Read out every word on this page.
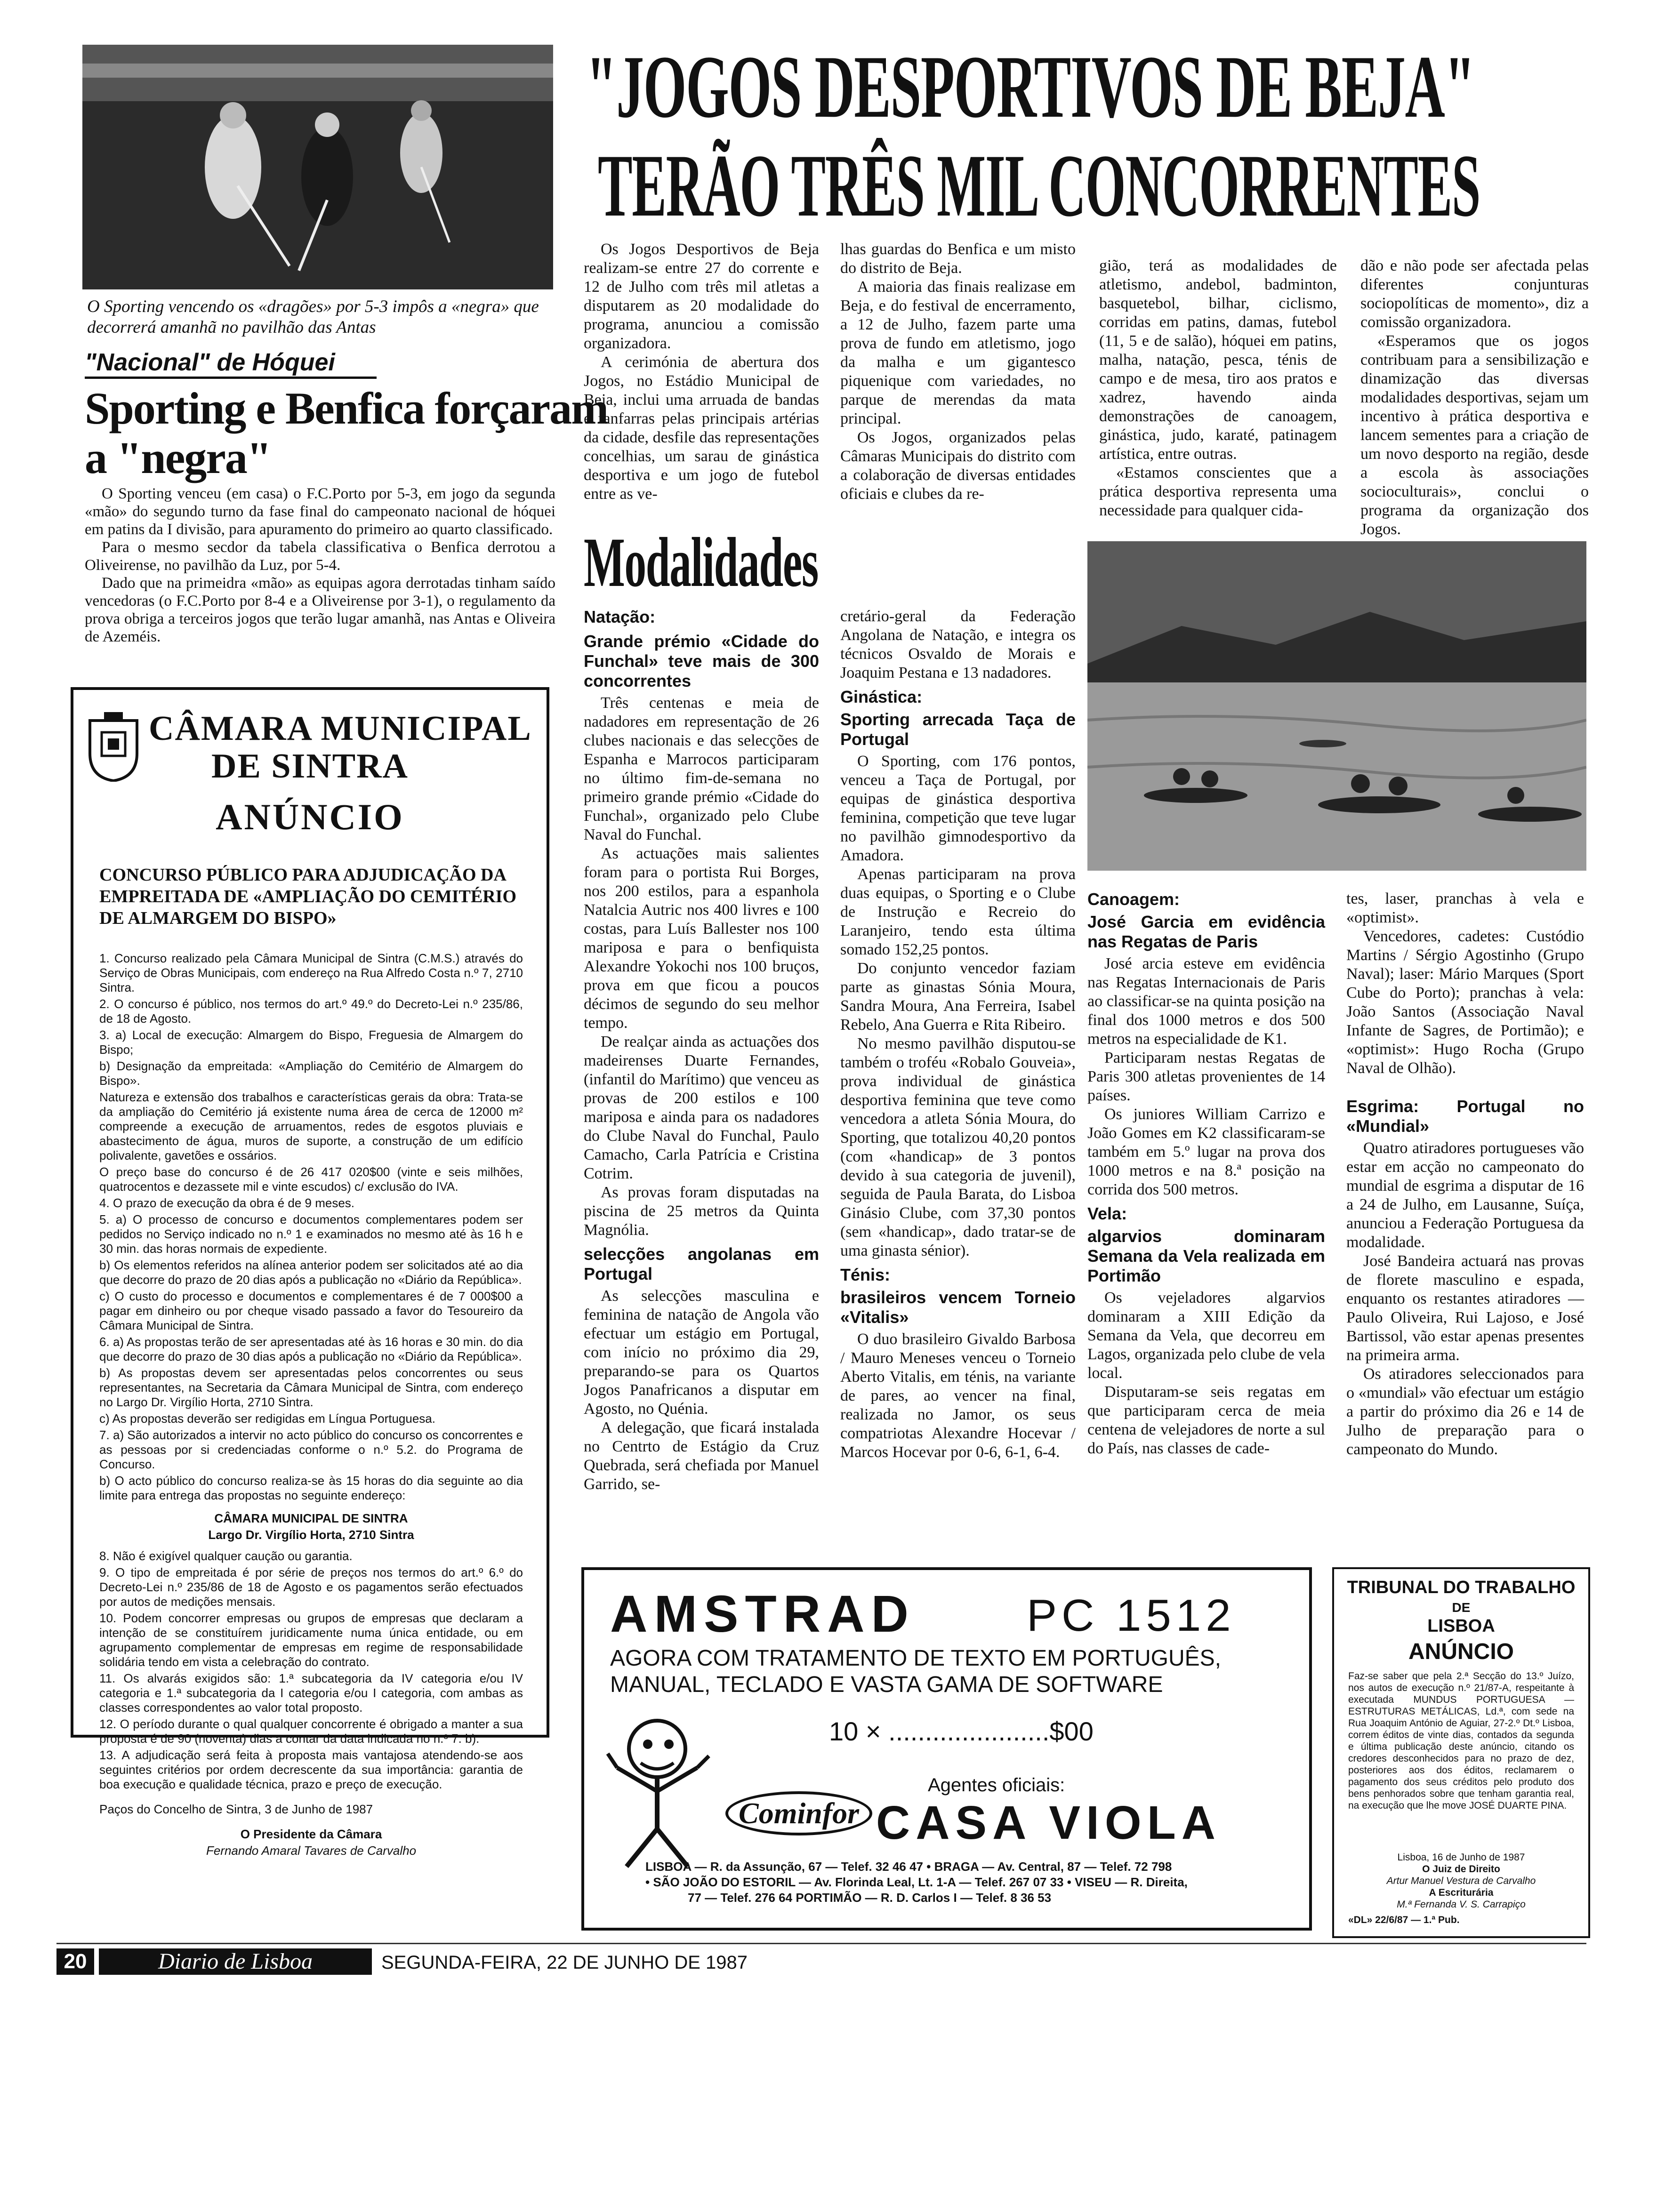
O Sporting vencendo os «dragões» por 5-3 impôs a «negra» que decorrerá amanhã no pavilhão das Antas
"Nacional" de Hóquei
Sporting e Benfica forçaram
a "negra"

O Sporting venceu (em casa) o F.C.Porto por 5-3, em jogo da segunda «mão» do segundo turno da fase final do campeonato nacional de hóquei em patins da I divisão, para apuramento do primeiro ao quarto classificado.

Para o mesmo secdor da tabela classificativa o Benfica derrotou a Oliveirense, no pavilhão da Luz, por 5-4.

Dado que na primeidra «mão» as equipas agora derrotadas tinham saído vencedoras (o F.C.Porto por 8-4 e a Oliveirense por 3-1), o regulamento da prova obriga a terceiros jogos que terão lugar amanhã, nas Antas e Oliveira de Azeméis.

"JOGOS DESPORTIVOS DE BEJA"
TERÃO TRÊS MIL CONCORRENTES

Os Jogos Desportivos de Beja realizam-se entre 27 do corrente e 12 de Julho com três mil atletas a disputarem as 20 modalidade do programa, anunciou a comissão organizadora.

A cerimónia de abertura dos Jogos, no Estádio Municipal de Beja, inclui uma arruada de bandas e fanfarras pelas principais artérias da cidade, desfile das representações concelhias, um sarau de ginástica desportiva e um jogo de futebol entre as ve-

lhas guardas do Benfica e um misto do distrito de Beja.

A maioria das finais realizase em Beja, e do festival de encerramento, a 12 de Julho, fazem parte uma prova de fundo em atletismo, jogo da malha e um gigantesco piquenique com variedades, no parque de merendas da mata principal.

Os Jogos, organizados pelas Câmaras Municipais do distrito com a colaboração de diversas entidades oficiais e clubes da re-

gião, terá as modalidades de atletismo, andebol, badminton, basquetebol, bilhar, ciclismo, corridas em patins, damas, futebol (11, 5 e de salão), hóquei em patins, malha, natação, pesca, ténis de campo e de mesa, tiro aos pratos e xadrez, havendo ainda demonstrações de canoagem, ginástica, judo, karaté, patinagem artística, entre outras.

«Estamos conscientes que a prática desportiva representa uma necessidade para qualquer cida-

dão e não pode ser afectada pelas diferentes conjunturas sociopolíticas de momento», diz a comissão organizadora.

«Esperamos que os jogos contribuam para a sensibilização e dinamização das diversas modalidades desportivas, sejam um incentivo à prática desportiva e lancem sementes para a criação de um novo desporto na região, desde a escola às associações socioculturais», conclui o programa da organização dos Jogos.

Modalidades
Natação:
Grande prémio «Cidade do Funchal» teve mais de 300 concorrentes

Três centenas e meia de nadadores em representação de 26 clubes nacionais e das selecções de Espanha e Marrocos participaram no último fim-de-semana no primeiro grande prémio «Cidade do Funchal», organizado pelo Clube Naval do Funchal.

As actuações mais salientes foram para o portista Rui Borges, nos 200 estilos, para a espanhola Natalcia Autric nos 400 livres e 100 costas, para Luís Ballester nos 100 mariposa e para o benfiquista Alexandre Yokochi nos 100 bruços, prova em que ficou a poucos décimos de segundo do seu melhor tempo.

De realçar ainda as actuações dos madeirenses Duarte Fernandes, (infantil do Marítimo) que venceu as provas de 200 estilos e 100 mariposa e ainda para os nadadores do Clube Naval do Funchal, Paulo Camacho, Carla Patrícia e Cristina Cotrim.

As provas foram disputadas na piscina de 25 metros da Quinta Magnólia.

selecções angolanas em Portugal

As selecções masculina e feminina de natação de Angola vão efectuar um estágio em Portugal, com início no próximo dia 29, preparando-se para os Quartos Jogos Panafricanos a disputar em Agosto, no Quénia.

A delegação, que ficará instalada no Centrto de Estágio da Cruz Quebrada, será chefiada por Manuel Garrido, se-

cretário-geral da Federação Angolana de Natação, e integra os técnicos Osvaldo de Morais e Joaquim Pestana e 13 nadadores.

Ginástica:
Sporting arrecada Taça de Portugal

O Sporting, com 176 pontos, venceu a Taça de Portugal, por equipas de ginástica desportiva feminina, competição que teve lugar no pavilhão gimnodesportivo da Amadora.

Apenas participaram na prova duas equipas, o Sporting e o Clube de Instrução e Recreio do Laranjeiro, tendo esta última somado 152,25 pontos.

Do conjunto vencedor faziam parte as ginastas Sónia Moura, Sandra Moura, Ana Ferreira, Isabel Rebelo, Ana Guerra e Rita Ribeiro.

No mesmo pavilhão disputou-se também o troféu «Robalo Gouveia», prova individual de ginástica desportiva feminina que teve como vencedora a atleta Sónia Moura, do Sporting, que totalizou 40,20 pontos (com «handicap» de 3 pontos devido à sua categoria de juvenil), seguida de Paula Barata, do Lisboa Ginásio Clube, com 37,30 pontos (sem «handicap», dado tratar-se de uma ginasta sénior).

Ténis:
brasileiros vencem Torneio «Vitalis»

O duo brasileiro Givaldo Barbosa / Mauro Meneses venceu o Torneio Aberto Vitalis, em ténis, na variante de pares, ao vencer na final, realizada no Jamor, os seus compatriotas Alexandre Hocevar / Marcos Hocevar por 0-6, 6-1, 6-4.

Canoagem:
José Garcia em evidência nas Regatas de Paris

José arcia esteve em evidência nas Regatas Internacionais de Paris ao classificar-se na quinta posição na final dos 1000 metros e dos 500 metros na especialidade de K1.

Participaram nestas Regatas de Paris 300 atletas provenientes de 14 países.

Os juniores William Carrizo e João Gomes em K2 classificaram-se também em 5.º lugar na prova dos 1000 metros e na 8.ª posição na corrida dos 500 metros.

Vela:
algarvios dominaram Semana da Vela realizada em Portimão

Os vejeladores algarvios dominaram a XIII Edição da Semana da Vela, que decorreu em Lagos, organizada pelo clube de vela local.

Disputaram-se seis regatas em que participaram cerca de meia centena de velejadores de norte a sul do País, nas classes de cade-

tes, laser, pranchas à vela e «optimist».

Vencedores, cadetes: Custódio Martins / Sérgio Agostinho (Grupo Naval); laser: Mário Marques (Sport Cube do Porto); pranchas à vela: João Santos (Associação Naval Infante de Sagres, de Portimão); e «optimist»: Hugo Rocha (Grupo Naval de Olhão).

Esgrima: Portugal no «Mundial»

Quatro atiradores portugueses vão estar em acção no campeonato do mundial de esgrima a disputar de 16 a 24 de Julho, em Lausanne, Suíça, anunciou a Federação Portuguesa da modalidade.

José Bandeira actuará nas provas de florete masculino e espada, enquanto os restantes atiradores — Paulo Oliveira, Rui Lajoso, e José Bartissol, vão estar apenas presentes na primeira arma.

Os atiradores seleccionados para o «mundial» vão efectuar um estágio a partir do próximo dia 26 e 14 de Julho de preparação para o campeonato do Mundo.

CÂMARA MUNICIPAL
DE SINTRA
ANÚNCIO
CONCURSO PÚBLICO PARA ADJUDICAÇÃO DA EMPREITADA DE «AMPLIAÇÃO DO CEMITÉRIO DE ALMARGEM DO BISPO»

1. Concurso realizado pela Câmara Municipal de Sintra (C.M.S.) através do Serviço de Obras Municipais, com endereço na Rua Alfredo Costa n.º 7, 2710 Sintra.

2. O concurso é público, nos termos do art.º 49.º do Decreto-Lei n.º 235/86, de 18 de Agosto.

3. a) Local de execução: Almargem do Bispo, Freguesia de Almargem do Bispo;

b) Designação da empreitada: «Ampliação do Cemitério de Almargem do Bispo».

Natureza e extensão dos trabalhos e características gerais da obra: Trata-se da ampliação do Cemitério já existente numa área de cerca de 12000 m² compreende a execução de arruamentos, redes de esgotos pluviais e abastecimento de água, muros de suporte, a construção de um edifício polivalente, gavetões e ossários.

O preço base do concurso é de 26 417 020$00 (vinte e seis milhões, quatrocentos e dezassete mil e vinte escudos) c/ exclusão do IVA.

4. O prazo de execução da obra é de 9 meses.

5. a) O processo de concurso e documentos complementares podem ser pedidos no Serviço indicado no n.º 1 e examinados no mesmo até às 16 h e 30 min. das horas normais de expediente.

b) Os elementos referidos na alínea anterior podem ser solicitados até ao dia que decorre do prazo de 20 dias após a publicação no «Diário da República».

c) O custo do processo e documentos e complementares é de 7 000$00 a pagar em dinheiro ou por cheque visado passado a favor do Tesoureiro da Câmara Municipal de Sintra.

6. a) As propostas terão de ser apresentadas até às 16 horas e 30 min. do dia que decorre do prazo de 30 dias após a publicação no «Diário da República».

b) As propostas devem ser apresentadas pelos concorrentes ou seus representantes, na Secretaria da Câmara Municipal de Sintra, com endereço no Largo Dr. Virgílio Horta, 2710 Sintra.

c) As propostas deverão ser redigidas em Língua Portuguesa.

7. a) São autorizados a intervir no acto público do concurso os concorrentes e as pessoas por si credenciadas conforme o n.º 5.2. do Programa de Concurso.

b) O acto público do concurso realiza-se às 15 horas do dia seguinte ao dia limite para entrega das propostas no seguinte endereço:

CÂMARA MUNICIPAL DE SINTRA

Largo Dr. Virgílio Horta, 2710 Sintra

8. Não é exigível qualquer caução ou garantia.

9. O tipo de empreitada é por série de preços nos termos do art.º 6.º do Decreto-Lei n.º 235/86 de 18 de Agosto e os pagamentos serão efectuados por autos de medições mensais.

10. Podem concorrer empresas ou grupos de empresas que declaram a intenção de se constituírem juridicamente numa única entidade, ou em agrupamento complementar de empresas em regime de responsabilidade solidária tendo em vista a celebração do contrato.

11. Os alvarás exigidos são: 1.ª subcategoria da IV categoria e/ou IV categoria e 1.ª subcategoria da I categoria e/ou I categoria, com ambas as classes correspondentes ao valor total proposto.

12. O período durante o qual qualquer concorrente é obrigado a manter a sua proposta é de 90 (noventa) dias a contar da data indicada no n.º 7. b).

13. A adjudicação será feita à proposta mais vantajosa atendendo-se aos seguintes critérios por ordem decrescente da sua importância: garantia de boa execução e qualidade técnica, prazo e preço de execução.

Paços do Concelho de Sintra, 3 de Junho de 1987

O Presidente da Câmara

Fernando Amaral Tavares de Carvalho

AMSTRAD PC 1512
AGORA COM TRATAMENTO DE TEXTO EM PORTUGUÊS, MANUAL, TECLADO E VASTA GAMA DE SOFTWARE
10 × ......................$00
Agentes oficiais:
Cominfor CASA VIOLA
LISBOA — R. da Assunção, 67 — Telef. 32 46 47 • BRAGA — Av. Central, 87 — Telef. 72 798
• SÃO JOÃO DO ESTORIL — Av. Florinda Leal, Lt. 1-A — Telef. 267 07 33 • VISEU — R. Direita,
77 — Telef. 276 64 PORTIMÃO — R. D. Carlos I — Telef. 8 36 53
TRIBUNAL DO TRABALHO
DE
LISBOA
ANÚNCIO
Faz-se saber que pela 2.ª Secção do 13.º Juízo, nos autos de execução n.º 21/87-A, respeitante à executada MUNDUS PORTUGUESA — ESTRUTURAS METÁLICAS, Ld.ª, com sede na Rua Joaquim António de Aguiar, 27-2.º Dt.º Lisboa, correm éditos de vinte dias, contados da segunda e última publicação deste anúncio, citando os credores desconhecidos para no prazo de dez, posteriores aos dos éditos, reclamarem o pagamento dos seus créditos pelo produto dos bens penhorados sobre que tenham garantia real, na execução que lhe move JOSÉ DUARTE PINA.
Lisboa, 16 de Junho de 1987
O Juiz de Direito
Artur Manuel Vestura de Carvalho
A Escriturária
M.ª Fernanda V. S. Carrapiço
«DL» 22/6/87 — 1.ª Pub.
20	Diario de Lisboa	SEGUNDA-FEIRA, 22 DE JUNHO DE 1987
